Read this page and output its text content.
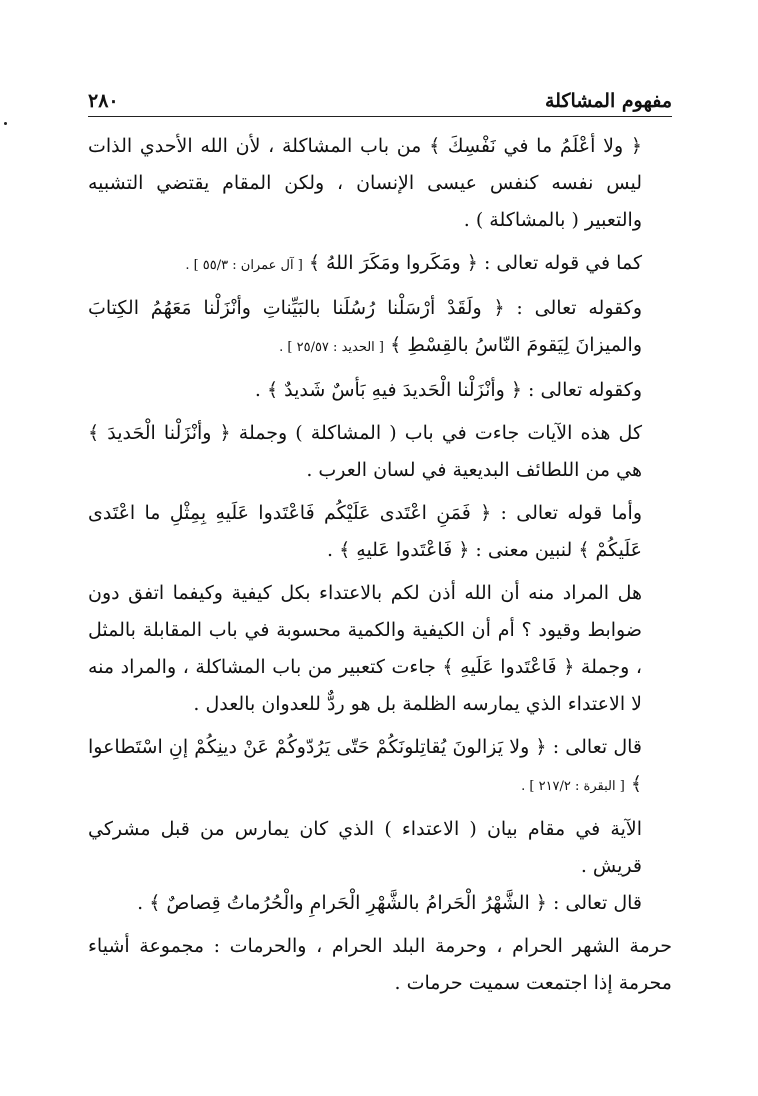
مفهوم المشاكلة
٢٨٠

﴿ ولا أعْلَمُ ما في نَفْسِكَ ﴾ من باب المشاكلة ، لأن الله الأحدي الذات ليس نفسه كنفس عيسى الإنسان ، ولكن المقام يقتضي التشبيه والتعبير ( بالمشاكلة ) .

كما في قوله تعالى : ﴿ ومَكَروا ومَكَرَ اللهُ ﴾ [ آل عمران : ٥٥/٣ ] .

وكقوله تعالى : ﴿ ولَقَدْ أرْسَلْنا رُسُلَنا بالبَيِّناتِ وأنْزَلْنا مَعَهُمُ الكِتابَ والميزانَ لِيَقومَ النّاسُ بالقِسْطِ ﴾ [ الحديد : ٢٥/٥٧ ] .

وكقوله تعالى : ﴿ وأنْزَلْنا الْحَديدَ فيهِ بَأسٌ شَديدٌ ﴾ .

كل هذه الآيات جاءت في باب ( المشاكلة ) وجملة ﴿ وأنْزَلْنا الْحَديدَ ﴾ هي من اللطائف البديعية في لسان العرب .

وأما قوله تعالى : ﴿ فَمَنِ اعْتَدى عَلَيْكُم فَاعْتَدوا عَلَيهِ بِمِثْلِ ما اعْتَدى عَلَيكُمْ ﴾ لنبين معنى : ﴿ فَاعْتَدوا عَليهِ ﴾ .

هل المراد منه أن الله أذن لكم بالاعتداء بكل كيفية وكيفما اتفق دون ضوابط وقيود ؟ أم أن الكيفية والكمية محسوبة في باب المقابلة بالمثل ، وجملة ﴿ فَاعْتَدوا عَلَيهِ ﴾ جاءت كتعبير من باب المشاكلة ، والمراد منه لا الاعتداء الذي يمارسه الظلمة بل هو ردٌّ للعدوان بالعدل .

قال تعالى : ﴿ ولا يَزالونَ يُقاتِلونَكُمْ حَتّى يَرُدّوكُمْ عَنْ دينِكُمْ إنِ اسْتَطاعوا ﴾ [ البقرة : ٢١٧/٢ ] .

الآية في مقام بيان ( الاعتداء ) الذي كان يمارس من قبل مشركي قريش .

قال تعالى : ﴿ الشَّهْرُ الْحَرامُ بالشَّهْرِ الْحَرامِ والْحُرُماتُ قِصاصٌ ﴾ .

حرمة الشهر الحرام ، وحرمة البلد الحرام ، والحرمات : مجموعة أشياء محرمة إذا اجتمعت سميت حرمات .
